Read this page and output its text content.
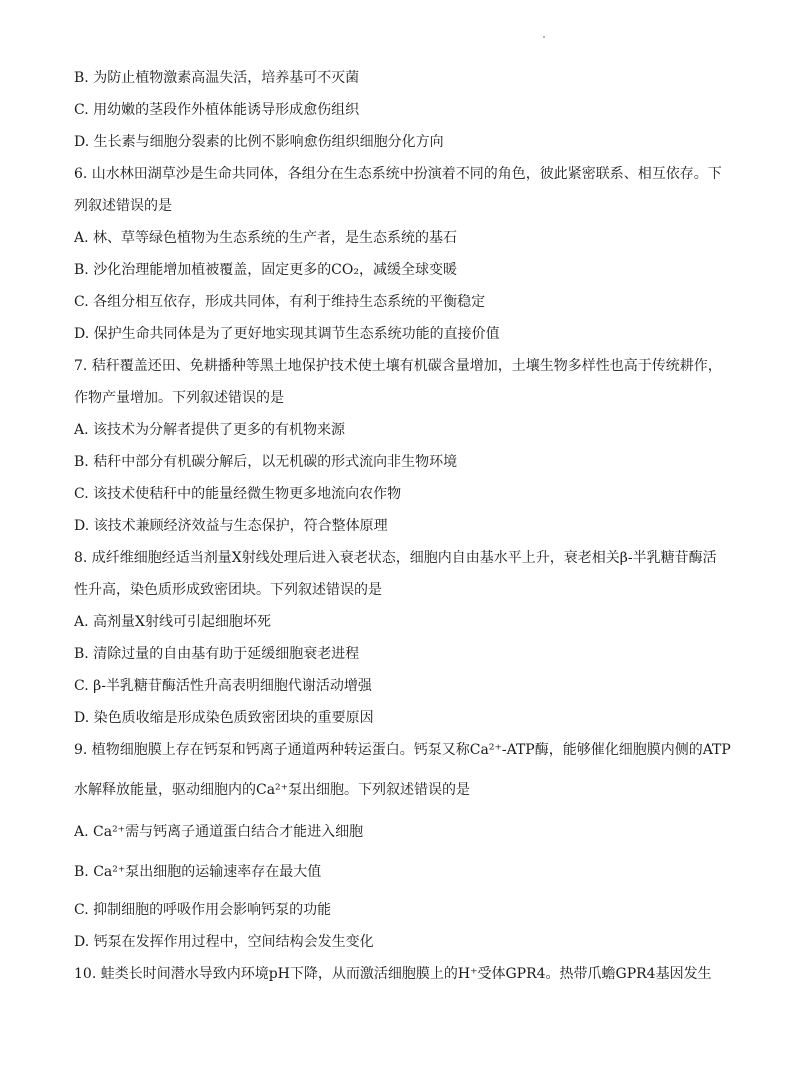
B. 为防止植物激素高温失活，培养基可不灭菌
C. 用幼嫩的茎段作外植体能诱导形成愈伤组织
D. 生长素与细胞分裂素的比例不影响愈伤组织细胞分化方向
6. 山水林田湖草沙是生命共同体，各组分在生态系统中扮演着不同的角色，彼此紧密联系、相互依存。下
列叙述错误的是
A. 林、草等绿色植物为生态系统的生产者，是生态系统的基石
B. 沙化治理能增加植被覆盖，固定更多的CO₂，减缓全球变暖
C. 各组分相互依存，形成共同体，有利于维持生态系统的平衡稳定
D. 保护生命共同体是为了更好地实现其调节生态系统功能的直接价值
7. 秸秆覆盖还田、免耕播种等黑土地保护技术使土壤有机碳含量增加，土壤生物多样性也高于传统耕作，
作物产量增加。下列叙述错误的是
A. 该技术为分解者提供了更多的有机物来源
B. 秸秆中部分有机碳分解后，以无机碳的形式流向非生物环境
C. 该技术使秸秆中的能量经微生物更多地流向农作物
D. 该技术兼顾经济效益与生态保护，符合整体原理
8. 成纤维细胞经适当剂量X射线处理后进入衰老状态，细胞内自由基水平上升，衰老相关β-半乳糖苷酶活
性升高，染色质形成致密团块。下列叙述错误的是
A. 高剂量X射线可引起细胞坏死
B. 清除过量的自由基有助于延缓细胞衰老进程
C. β-半乳糖苷酶活性升高表明细胞代谢活动增强
D. 染色质收缩是形成染色质致密团块的重要原因
9. 植物细胞膜上存在钙泵和钙离子通道两种转运蛋白。钙泵又称Ca²⁺-ATP酶，能够催化细胞膜内侧的ATP
水解释放能量，驱动细胞内的Ca²⁺泵出细胞。下列叙述错误的是
A. Ca²⁺需与钙离子通道蛋白结合才能进入细胞
B. Ca²⁺泵出细胞的运输速率存在最大值
C. 抑制细胞的呼吸作用会影响钙泵的功能
D. 钙泵在发挥作用过程中，空间结构会发生变化
10. 蛙类长时间潜水导致内环境pH下降，从而激活细胞膜上的H⁺受体GPR4。热带爪蟾GPR4基因发生
